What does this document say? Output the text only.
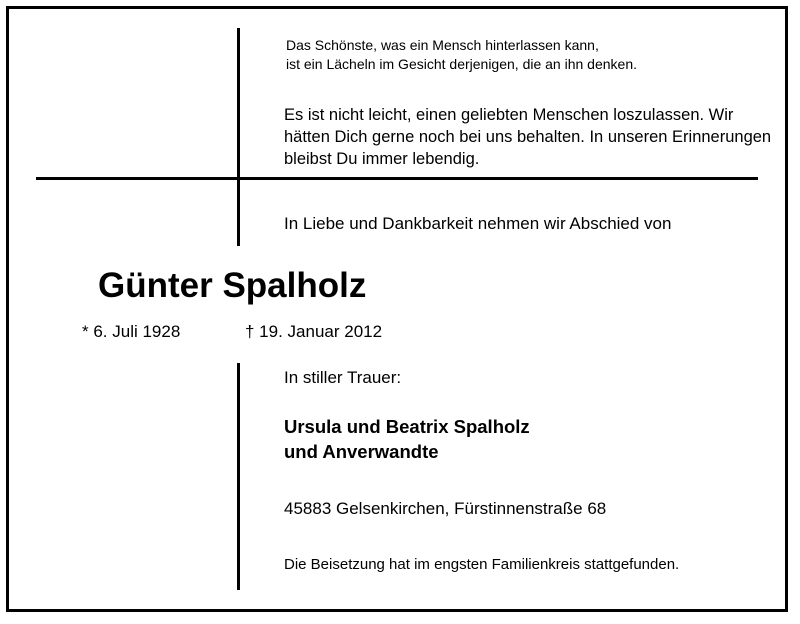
Das Schönste, was ein Mensch hinterlassen kann,
ist ein Lächeln im Gesicht derjenigen, die an ihn denken.
Es ist nicht leicht, einen geliebten Menschen loszulassen. Wir
hätten Dich gerne noch bei uns behalten. In unseren Erinnerungen
bleibst Du immer lebendig.
In Liebe und Dankbarkeit nehmen wir Abschied von
Günter Spalholz
* 6. Juli 1928	† 19. Januar 2012
In stiller Trauer:
Ursula und Beatrix Spalholz
und Anverwandte
45883 Gelsenkirchen, Fürstinnenstraße 68
Die Beisetzung hat im engsten Familienkreis stattgefunden.
